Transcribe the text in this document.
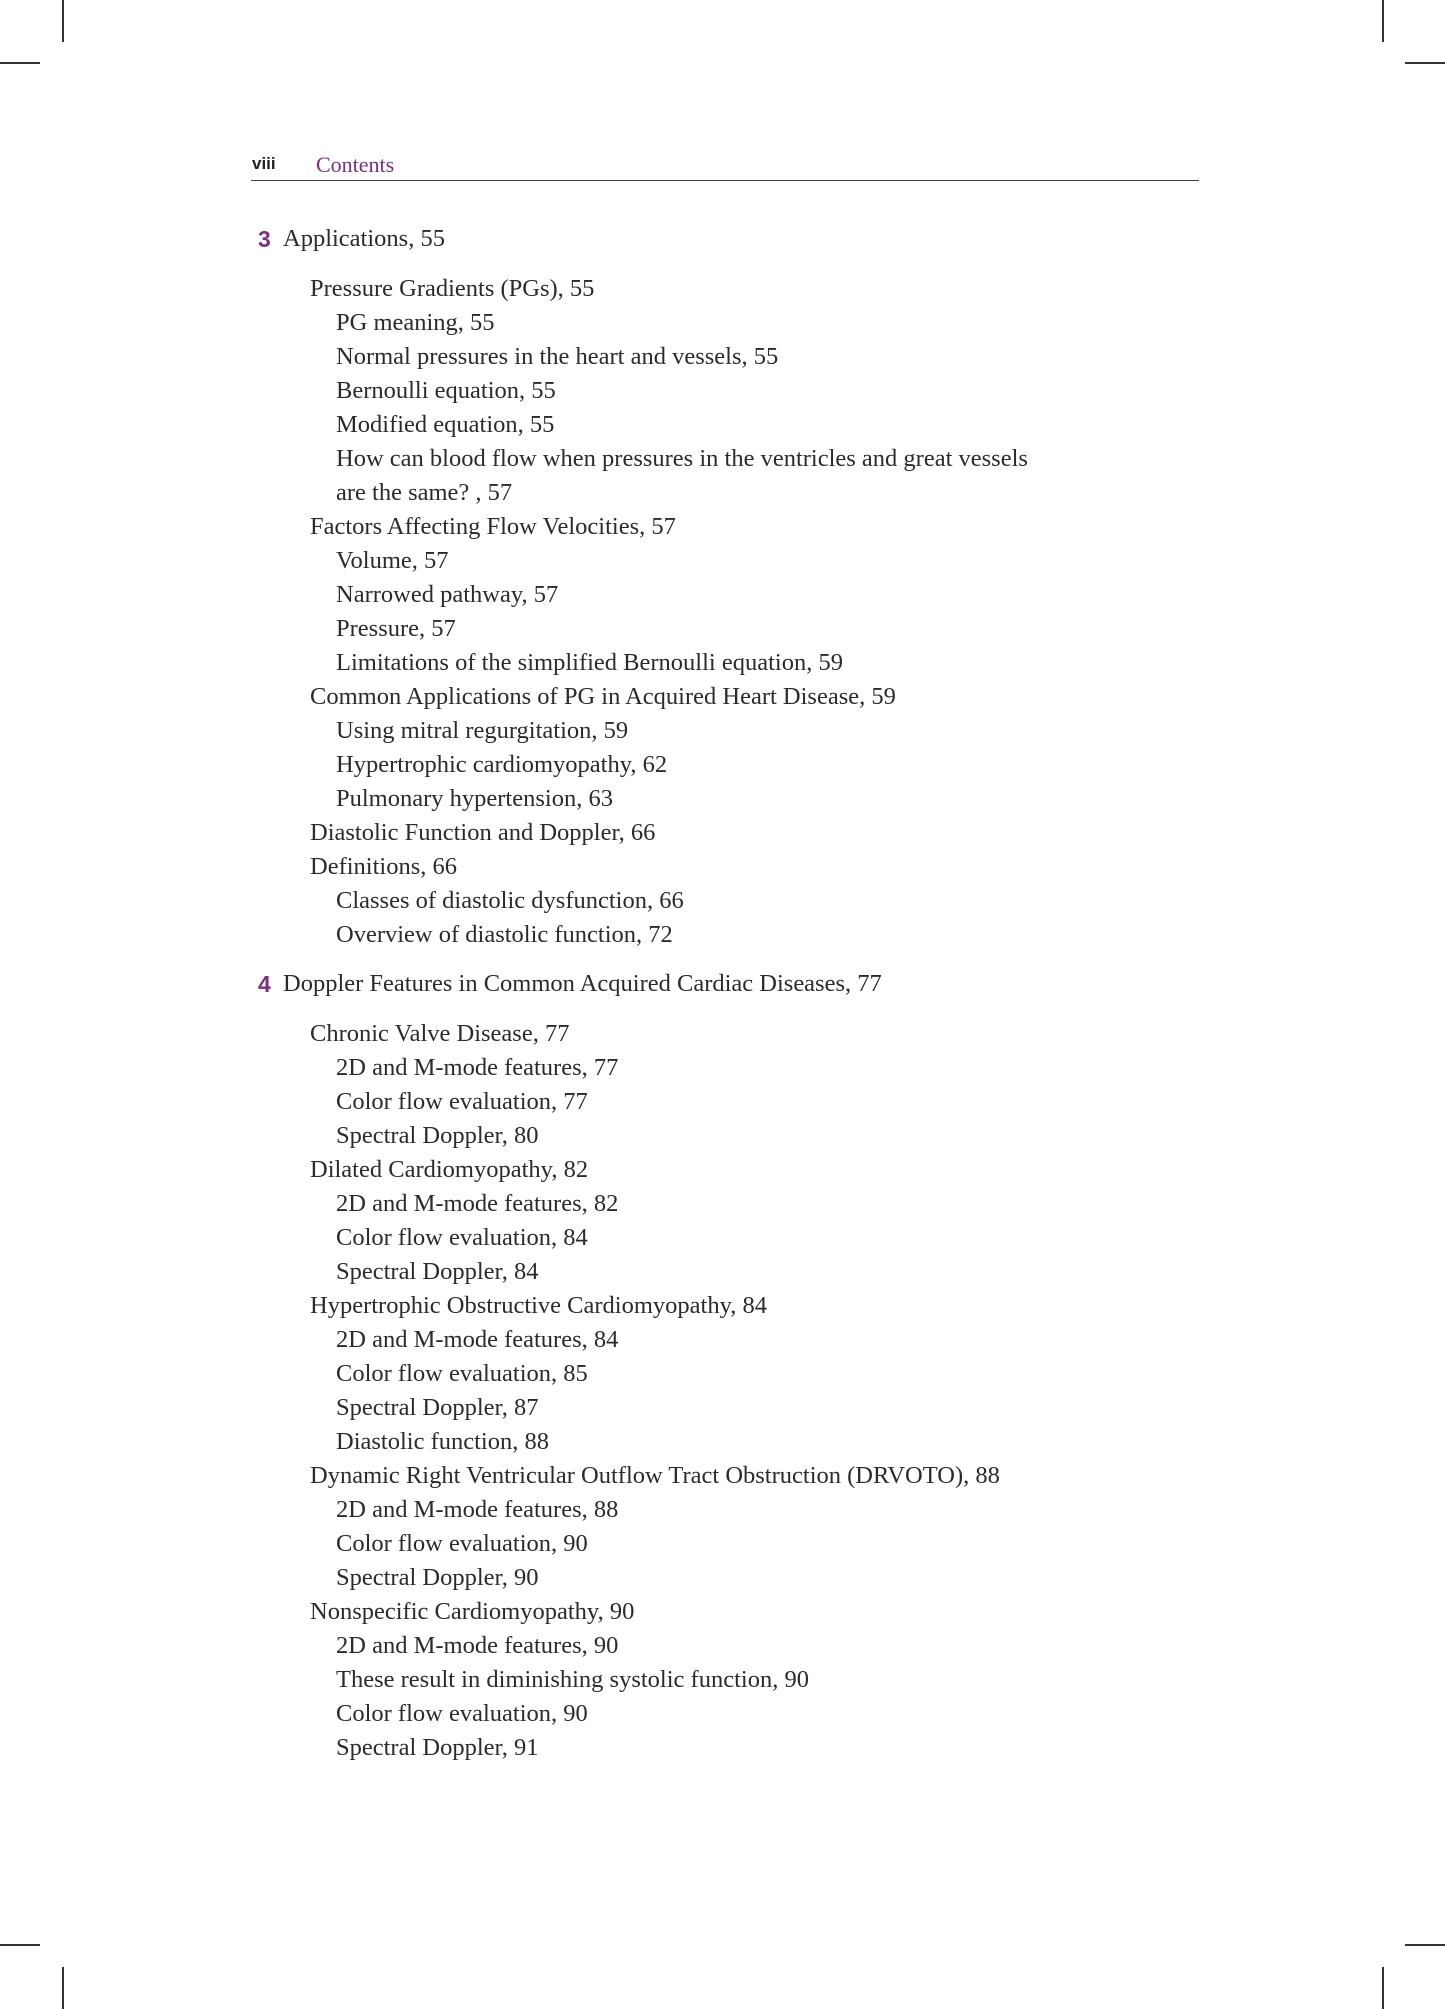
viii Contents
3 Applications, 55
Pressure Gradients (PGs), 55
PG meaning, 55
Normal pressures in the heart and vessels, 55
Bernoulli equation, 55
Modified equation, 55
How can blood flow when pressures in the ventricles and great vessels
are the same? , 57
Factors Affecting Flow Velocities, 57
Volume, 57
Narrowed pathway, 57
Pressure, 57
Limitations of the simplified Bernoulli equation, 59
Common Applications of PG in Acquired Heart Disease, 59
Using mitral regurgitation, 59
Hypertrophic cardiomyopathy, 62
Pulmonary hypertension, 63
Diastolic Function and Doppler, 66
Definitions, 66
Classes of diastolic dysfunction, 66
Overview of diastolic function, 72
4 Doppler Features in Common Acquired Cardiac Diseases, 77
Chronic Valve Disease, 77
2D and M-mode features, 77
Color flow evaluation, 77
Spectral Doppler, 80
Dilated Cardiomyopathy, 82
2D and M-mode features, 82
Color flow evaluation, 84
Spectral Doppler, 84
Hypertrophic Obstructive Cardiomyopathy, 84
2D and M-mode features, 84
Color flow evaluation, 85
Spectral Doppler, 87
Diastolic function, 88
Dynamic Right Ventricular Outflow Tract Obstruction (DRVOTO), 88
2D and M-mode features, 88
Color flow evaluation, 90
Spectral Doppler, 90
Nonspecific Cardiomyopathy, 90
2D and M-mode features, 90
These result in diminishing systolic function, 90
Color flow evaluation, 90
Spectral Doppler, 91
